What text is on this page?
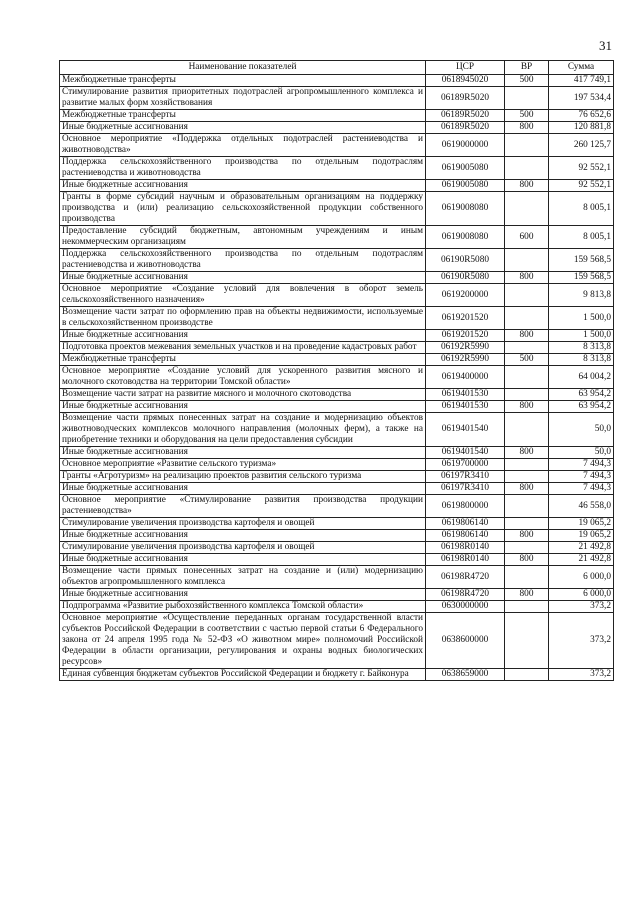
31
Наименование показателей	ЦСР	ВР	Сумма
Межбюджетные трансферты	0618945020	500	417 749,1
Стимулирование развития приоритетных подотраслей агропромышленного комплекса и развитие малых форм хозяйствования	06189R5020		197 534,4
Межбюджетные трансферты	06189R5020	500	76 652,6
Иные бюджетные ассигнования	06189R5020	800	120 881,8
Основное мероприятие «Поддержка отдельных подотраслей растениеводства и животноводства»	0619000000		260 125,7
Поддержка сельскохозяйственного производства по отдельным подотраслям растениеводства и животноводства	0619005080		92 552,1
Иные бюджетные ассигнования	0619005080	800	92 552,1
Гранты в форме субсидий научным и образовательным организациям на поддержку производства и (или) реализацию сельскохозяйственной продукции собственного производства	0619008080		8 005,1
Предоставление субсидий бюджетным, автономным учреждениям и иным некоммерческим организациям	0619008080	600	8 005,1
Поддержка сельскохозяйственного производства по отдельным подотраслям растениеводства и животноводства	06190R5080		159 568,5
Иные бюджетные ассигнования	06190R5080	800	159 568,5
Основное мероприятие «Создание условий для вовлечения в оборот земель сельскохозяйственного назначения»	0619200000		9 813,8
Возмещение части затрат по оформлению прав на объекты недвижимости, используемые в сельскохозяйственном производстве	0619201520		1 500,0
Иные бюджетные ассигнования	0619201520	800	1 500,0
Подготовка проектов межевания земельных участков и на проведение кадастровых работ	06192R5990		8 313,8
Межбюджетные трансферты	06192R5990	500	8 313,8
Основное мероприятие «Создание условий для ускоренного развития мясного и молочного скотоводства на территории Томской области»	0619400000		64 004,2
Возмещение части затрат на развитие мясного и молочного скотоводства	0619401530		63 954,2
Иные бюджетные ассигнования	0619401530	800	63 954,2
Возмещение части прямых понесенных затрат на создание и модернизацию объектов животноводческих комплексов молочного направления (молочных ферм), а также на приобретение техники и оборудования на цели предоставления субсидии	0619401540		50,0
Иные бюджетные ассигнования	0619401540	800	50,0
Основное мероприятие «Развитие сельского туризма»	0619700000		7 494,3
Гранты «Агротуризм» на реализацию проектов развития сельского туризма	06197R3410		7 494,3
Иные бюджетные ассигнования	06197R3410	800	7 494,3
Основное мероприятие «Стимулирование развития производства продукции растениеводства»	0619800000		46 558,0
Стимулирование увеличения производства картофеля и овощей	0619806140		19 065,2
Иные бюджетные ассигнования	0619806140	800	19 065,2
Стимулирование увеличения производства картофеля и овощей	06198R0140		21 492,8
Иные бюджетные ассигнования	06198R0140	800	21 492,8
Возмещение части прямых понесенных затрат на создание и (или) модернизацию объектов агропромышленного комплекса	06198R4720		6 000,0
Иные бюджетные ассигнования	06198R4720	800	6 000,0
Подпрограмма «Развитие рыбохозяйственного комплекса Томской области»	0630000000		373,2
Основное мероприятие «Осуществление переданных органам государственной власти субъектов Российской Федерации в соответствии с частью первой статьи 6 Федерального закона от 24 апреля 1995 года № 52-ФЗ «О животном мире» полномочий Российской Федерации в области организации, регулирования и охраны водных биологических ресурсов»	0638600000		373,2
Единая субвенция бюджетам субъектов Российской Федерации и бюджету г. Байконура	0638659000		373,2
